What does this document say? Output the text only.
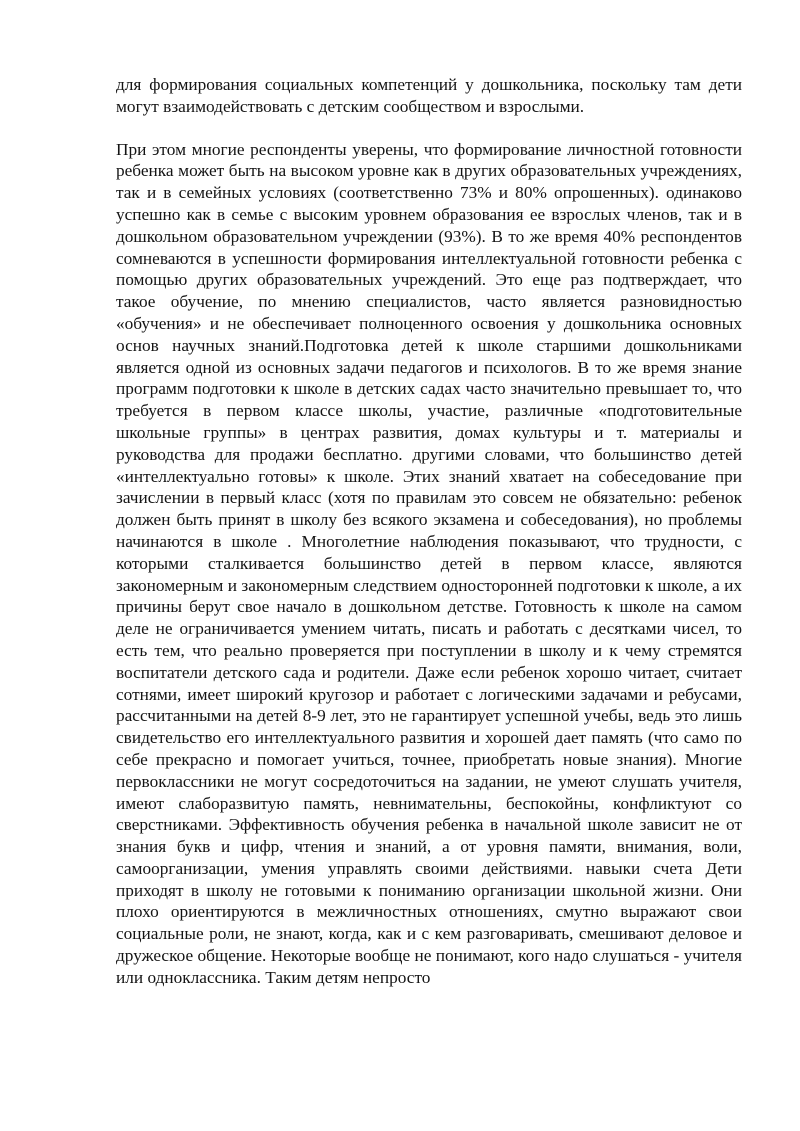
для формирования социальных компетенций у дошкольника, поскольку там дети могут взаимодействовать с детским сообществом и взрослыми.

При этом многие респонденты уверены, что формирование личностной готовности ребенка может быть на высоком уровне как в других образовательных учреждениях, так и в семейных условиях (соответственно 73% и 80% опрошенных). одинаково успешно как в семье с высоким уровнем образования ее взрослых членов, так и в дошкольном образовательном учреждении (93%). В то же время 40% респондентов сомневаются в успешности формирования интеллектуальной готовности ребенка с помощью других образовательных учреждений. Это еще раз подтверждает, что такое обучение, по мнению специалистов, часто является разновидностью «обучения» и не обеспечивает полноценного освоения у дошкольника основных основ научных знаний.Подготовка детей к школе старшими дошкольниками является одной из основных задачи педагогов и психологов. В то же время знание программ подготовки к школе в детских садах часто значительно превышает то, что требуется в первом классе школы, участие, различные «подготовительные школьные группы» в центрах развития, домах культуры и т. материалы и руководства для продажи бесплатно. другими словами, что большинство детей «интеллектуально готовы» к школе. Этих знаний хватает на собеседование при зачислении в первый класс (хотя по правилам это совсем не обязательно: ребенок должен быть принят в школу без всякого экзамена и собеседования), но проблемы начинаются в школе . Многолетние наблюдения показывают, что трудности, с которыми сталкивается большинство детей в первом классе, являются закономерным и закономерным следствием односторонней подготовки к школе, а их причины берут свое начало в дошкольном детстве. Готовность к школе на самом деле не ограничивается умением читать, писать и работать с десятками чисел, то есть тем, что реально проверяется при поступлении в школу и к чему стремятся воспитатели детского сада и родители. Даже если ребенок хорошо читает, считает сотнями, имеет широкий кругозор и работает с логическими задачами и ребусами, рассчитанными на детей 8-9 лет, это не гарантирует успешной учебы, ведь это лишь свидетельство его интеллектуального развития и хорошей дает память (что само по себе прекрасно и помогает учиться, точнее, приобретать новые знания). Многие первоклассники не могут сосредоточиться на задании, не умеют слушать учителя, имеют слаборазвитую память, невнимательны, беспокойны, конфликтуют со сверстниками. Эффективность обучения ребенка в начальной школе зависит не от знания букв и цифр, чтения и знаний, а от уровня памяти, внимания, воли, самоорганизации, умения управлять своими действиями. навыки счета Дети приходят в школу не готовыми к пониманию организации школьной жизни. Они плохо ориентируются в межличностных отношениях, смутно выражают свои социальные роли, не знают, когда, как и с кем разговаривать, смешивают деловое и дружеское общение. Некоторые вообще не понимают, кого надо слушаться - учителя или одноклассника. Таким детям непросто
